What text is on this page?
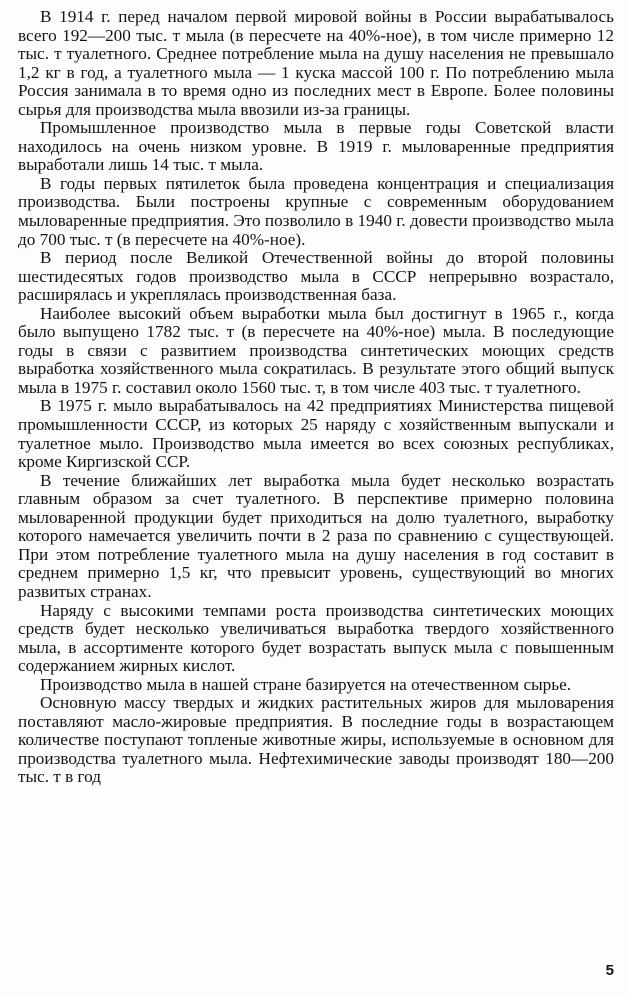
В 1914 г. перед началом первой мировой войны в России вырабатывалось всего 192—200 тыс. т мыла (в пересчете на 40%-ное), в том числе примерно 12 тыс. т туалетного. Среднее потребление мыла на душу населения не превышало 1,2 кг в год, а туалетного мыла — 1 куска массой 100 г. По потреблению мыла Россия занимала в то время одно из последних мест в Европе. Более половины сырья для производства мыла ввозили из-за границы.

Промышленное производство мыла в первые годы Советской власти находилось на очень низком уровне. В 1919 г. мыловаренные предприятия выработали лишь 14 тыс. т мыла.

В годы первых пятилеток была проведена концентрация и специализация производства. Были построены крупные с современным оборудованием мыловаренные предприятия. Это позволило в 1940 г. довести производство мыла до 700 тыс. т (в пересчете на 40%-ное).

В период после Великой Отечественной войны до второй половины шестидесятых годов производство мыла в СССР непрерывно возрастало, расширялась и укреплялась производственная база.

Наиболее высокий объем выработки мыла был достигнут в 1965 г., когда было выпущено 1782 тыс. т (в пересчете на 40%-ное) мыла. В последующие годы в связи с развитием производства синтетических моющих средств выработка хозяйственного мыла сократилась. В результате этого общий выпуск мыла в 1975 г. составил около 1560 тыс. т, в том числе 403 тыс. т туалетного.

В 1975 г. мыло вырабатывалось на 42 предприятиях Министерства пищевой промышленности СССР, из которых 25 наряду с хозяйственным выпускали и туалетное мыло. Производство мыла имеется во всех союзных республиках, кроме Киргизской ССР.

В течение ближайших лет выработка мыла будет несколько возрастать главным образом за счет туалетного. В перспективе примерно половина мыловаренной продукции будет приходиться на долю туалетного, выработку которого намечается увеличить почти в 2 раза по сравнению с существующей. При этом потребление туалетного мыла на душу населения в год составит в среднем примерно 1,5 кг, что превысит уровень, существующий во многих развитых странах.

Наряду с высокими темпами роста производства синтетических моющих средств будет несколько увеличиваться выработка твердого хозяйственного мыла, в ассортименте которого будет возрастать выпуск мыла с повышенным содержанием жирных кислот.

Производство мыла в нашей стране базируется на отечественном сырье.

Основную массу твердых и жидких растительных жиров для мыловарения поставляют масло-жировые предприятия. В последние годы в возрастающем количестве поступают топленые животные жиры, используемые в основном для производства туалетного мыла. Нефтехимические заводы производят 180—200 тыс. т в год

5
